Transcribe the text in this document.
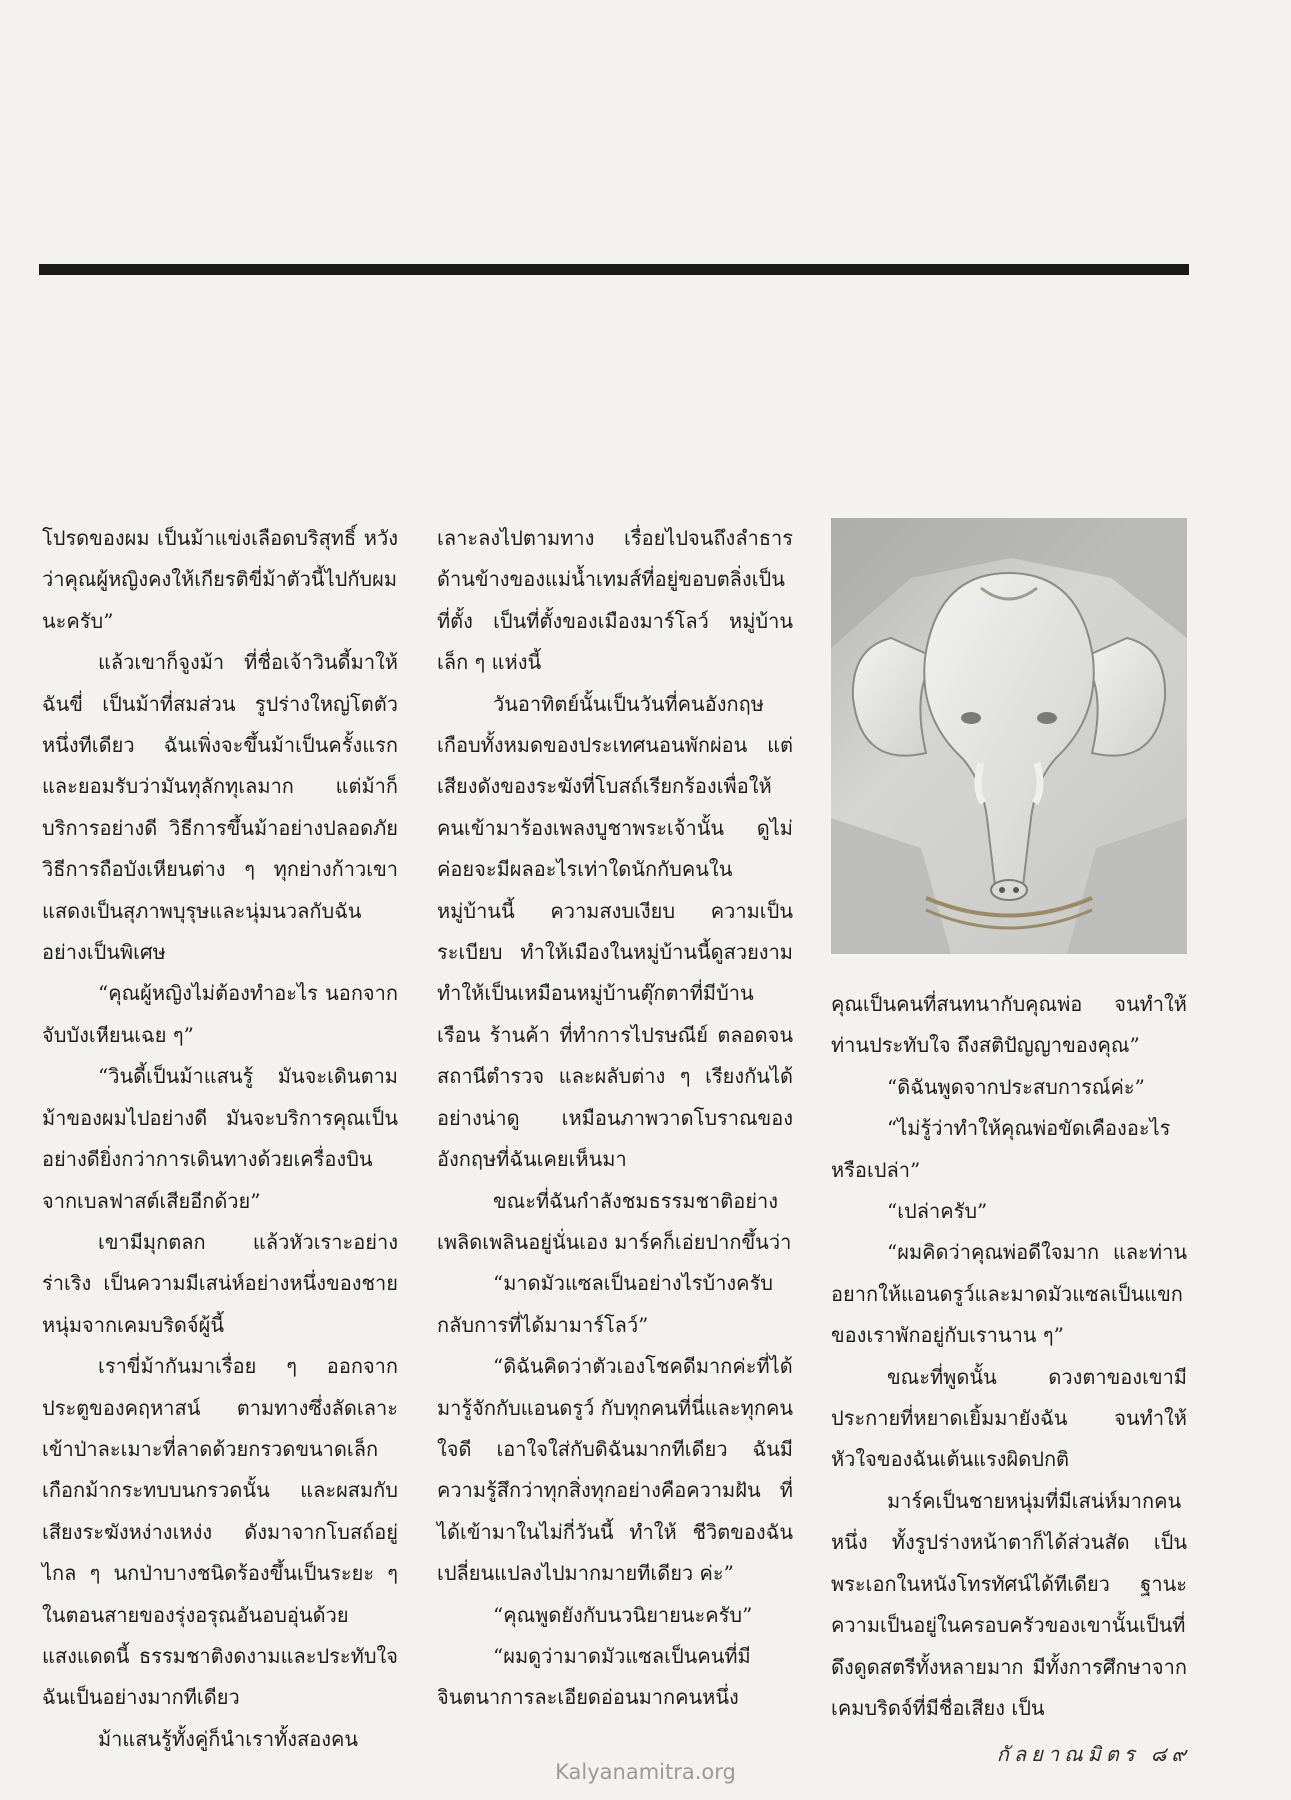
โปรดของผม เป็นม้าแข่งเลือดบริสุทธิ์ หวังว่าคุณผู้หญิงคงให้เกียรติขี่ม้าตัวนี้ไปกับผมนะครับ”

แล้วเขาก็จูงม้า ที่ชื่อเจ้าวินดี้มาให้ฉันขี่ เป็นม้าที่สมส่วน รูปร่างใหญ่โตตัวหนึ่งทีเดียว ฉันเพิ่งจะขึ้นม้าเป็นครั้งแรก และยอมรับว่ามันทุลักทุเลมาก แต่ม้าก็บริการอย่างดี วิธีการขึ้นม้าอย่างปลอดภัย วิธีการถือบังเหียนต่าง ๆ ทุกย่างก้าวเขาแสดงเป็นสุภาพบุรุษและนุ่มนวลกับฉันอย่างเป็นพิเศษ

“คุณผู้หญิงไม่ต้องทำอะไร นอกจากจับบังเหียนเฉย ๆ”

“วินดี้เป็นม้าแสนรู้ มันจะเดินตามม้าของผมไปอย่างดี มันจะบริการคุณเป็นอย่างดียิ่งกว่าการเดินทางด้วยเครื่องบิน จากเบลฟาสต์เสียอีกด้วย”

เขามีมุกตลก แล้วหัวเราะอย่างร่าเริง เป็นความมีเสน่ห์อย่างหนึ่งของชายหนุ่มจากเคมบริดจ์ผู้นี้

เราขี่ม้ากันมาเรื่อย ๆ ออกจากประตูของคฤหาสน์ ตามทางซึ่งลัดเลาะเข้าป่าละเมาะที่ลาดด้วยกรวดขนาดเล็ก เกือกม้ากระทบบนกรวดนั้น และผสมกับเสียงระฆังหง่างเหง่ง ดังมาจากโบสถ์อยู่ไกล ๆ นกป่าบางชนิดร้องขึ้นเป็นระยะ ๆ ในตอนสายของรุ่งอรุณอันอบอุ่นด้วยแสงแดดนี้ ธรรมชาติงดงามและประทับใจฉันเป็นอย่างมากทีเดียว

ม้าแสนรู้ทั้งคู่ก็นำเราทั้งสองคน

เลาะลงไปตามทาง เรื่อยไปจนถึงลำธารด้านข้างของแม่น้ำเทมส์ที่อยู่ขอบตลิ่งเป็นที่ตั้ง เป็นที่ตั้งของเมืองมาร์โลว์ หมู่บ้านเล็ก ๆ แห่งนี้

วันอาทิตย์นั้นเป็นวันที่คนอังกฤษเกือบทั้งหมดของประเทศนอนพักผ่อน แต่เสียงดังของระฆังที่โบสถ์เรียกร้องเพื่อให้คนเข้ามาร้องเพลงบูชาพระเจ้านั้น ดูไม่ค่อยจะมีผลอะไรเท่าใดนักกับคนในหมู่บ้านนี้ ความสงบเงียบ ความเป็นระเบียบ ทำให้เมืองในหมู่บ้านนี้ดูสวยงาม ทำให้เป็นเหมือนหมู่บ้านตุ๊กตาที่มีบ้านเรือน ร้านค้า ที่ทำการไปรษณีย์ ตลอดจนสถานีตำรวจ และผลับต่าง ๆ เรียงกันได้อย่างน่าดู เหมือนภาพวาดโบราณของอังกฤษที่ฉันเคยเห็นมา

ขณะที่ฉันกำลังชมธรรมชาติอย่างเพลิดเพลินอยู่นั่นเอง มาร์คก็เอ่ยปากขึ้นว่า

“มาดมัวแซลเป็นอย่างไรบ้างครับกลับการที่ได้มามาร์โลว์”

“ดิฉันคิดว่าตัวเองโชคดีมากค่ะที่ได้มารู้จักกับแอนดรูว์ กับทุกคนที่นี่และทุกคนใจดี เอาใจใส่กับดิฉันมากทีเดียว ฉันมีความรู้สึกว่าทุกสิ่งทุกอย่างคือความฝัน ที่ได้เข้ามาในไม่กี่วันนี้ ทำให้ ชีวิตของฉันเปลี่ยนแปลงไปมากมายทีเดียว ค่ะ”

“คุณพูดยังกับนวนิยายนะครับ”

“ผมดูว่ามาดมัวแซลเป็นคนที่มีจินตนาการละเอียดอ่อนมากคนหนึ่ง

คุณเป็นคนที่สนทนากับคุณพ่อ จนทำให้ท่านประทับใจ ถึงสติปัญญาของคุณ”

“ดิฉันพูดจากประสบการณ์ค่ะ”

“ไม่รู้ว่าทำให้คุณพ่อขัดเคืองอะไรหรือเปล่า”

“เปล่าครับ”

“ผมคิดว่าคุณพ่อดีใจมาก และท่านอยากให้แอนดรูว์และมาดมัวแซลเป็นแขกของเราพักอยู่กับเรานาน ๆ”

ขณะที่พูดนั้น ดวงตาของเขามีประกายที่หยาดเยิ้มมายังฉัน จนทำให้หัวใจของฉันเต้นแรงผิดปกติ

มาร์คเป็นชายหนุ่มที่มีเสน่ห์มากคนหนึ่ง ทั้งรูปร่างหน้าตาก็ได้ส่วนสัด เป็นพระเอกในหนังโทรทัศน์ได้ทีเดียว ฐานะความเป็นอยู่ในครอบครัวของเขานั้นเป็นที่ดึงดูดสตรีทั้งหลายมาก มีทั้งการศึกษาจากเคมบริดจ์ที่มีชื่อเสียง เป็น

กัลยาณมิตร ๘๙
Kalyanamitra.org
